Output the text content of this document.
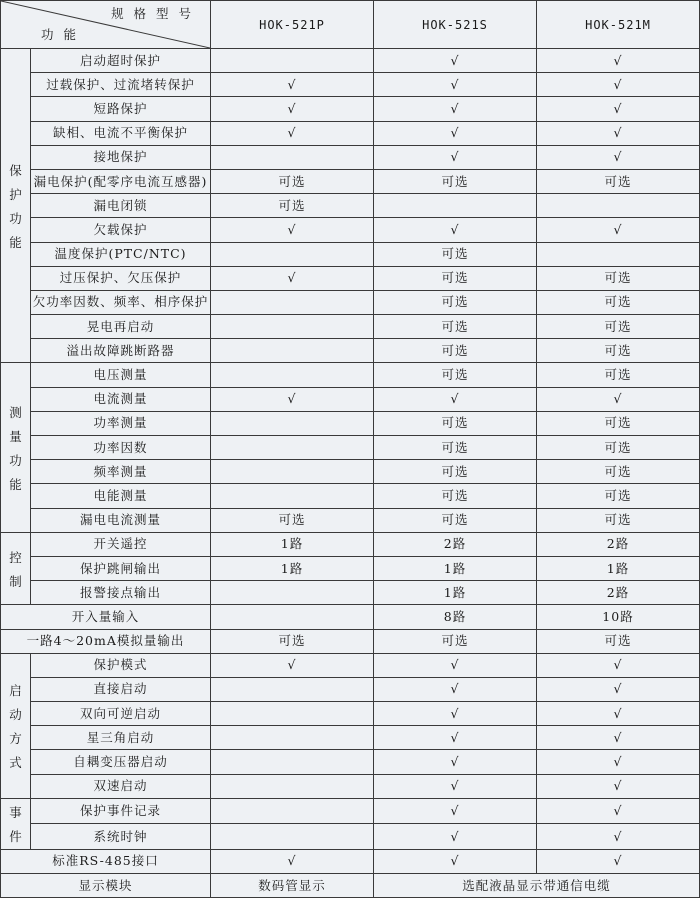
规 格 型 号
功 能		HOK-521P	HOK-521S	HOK-521M

保
护
功
能	启动超时保护		√	√
	过载保护、过流堵转保护	√	√	√
	短路保护	√	√	√
	缺相、电流不平衡保护	√	√	√
	接地保护		√	√
	漏电保护(配零序电流互感器)	可选	可选	可选
	漏电闭锁	可选		
	欠载保护	√	√	√
	温度保护(PTC/NTC)		可选	
	过压保护、欠压保护	√	可选	可选
	欠功率因数、频率、相序保护		可选	可选
	晃电再启动		可选	可选
	溢出故障跳断路器		可选	可选

测
量
功
能	电压测量		可选	可选
	电流测量	√	√	√
	功率测量		可选	可选
	功率因数		可选	可选
	频率测量		可选	可选
	电能测量		可选	可选
	漏电电流测量	可选	可选	可选

控
制	开关遥控	1路	2路	2路
	保护跳闸输出	1路	1路	1路
	报警接点输出		1路	2路
开入量输入			8路	10路
一路4～20mA模拟量输出		可选	可选	可选

启
动
方
式	保护模式	√	√	√
	直接启动		√	√
	双向可逆启动		√	√
	星三角启动		√	√
	自耦变压器启动		√	√
	双速启动		√	√

事
件	保护事件记录		√	√
	系统时钟		√	√
标准RS-485接口		√	√	√
显示模块		数码管显示	选配液晶显示带通信电缆	
